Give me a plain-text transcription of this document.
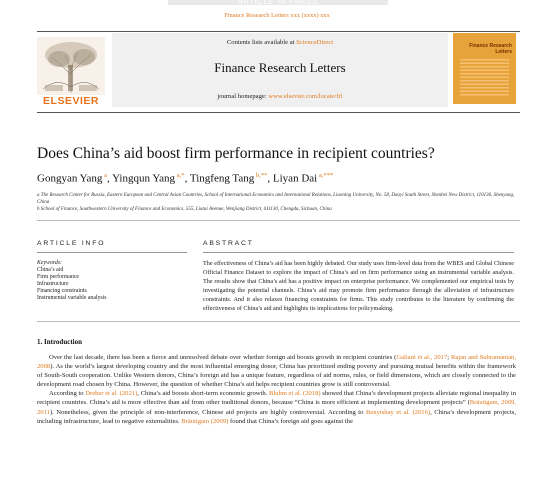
ARTICLE IN PRESS
Finance Research Letters xxx (xxxx) xxx
ELSEVIER
Contents lists available at ScienceDirect
Finance Research Letters
journal homepage: www.elsevier.com/locate/frl
Finance Research
Letters
Does China’s aid boost firm performance in recipient countries?
Gongyan Yang $^a$, Yingqun Yang $^{a,*}$, Tingfeng Tang $^{b,**}$, Liyan Dai $^{a,***}$
a The Research Center for Russia, Eastern European and Central Asian Countries, School of International Economics and International Relations, Liaoning University, No. 58, Daoyi South Street, Shenbei New District, 110136, Shenyang, China
b School of Finance, Southwestern University of Finance and Economics, 555, Liutai Avenue, Wenjiang District, 611130, Chengdu, Sichuan, China
ARTICLE INFO	ABSTRACT
Keywords:
China’s aid
Firm performance
Infrastructure
Financing constraints
Instrumental variable analysis
The effectiveness of China’s aid has been highly debated. Our study uses firm-level data from the WBES and Global Chinese Official Finance Dataset to explore the impact of China’s aid on firm performance using an instrumental variable analysis. The results show that China’s aid has a positive impact on enterprise performance. We complemented our empirical tests by investigating the potential channels. China’s aid may promote firm performance through the alleviation of infrastructure constraints. And it also relaxes financing constraints for firms. This study contributes to the literature by confirming the effectiveness of China’s aid and highlights its implications for policymaking.
1. Introduction

Over the last decade, there has been a fierce and unresolved debate over whether foreign aid boosts growth in recipient countries (Galiani et al., 2017; Rajan and Subramanian, 2008). As the world’s largest developing country and the most influential emerging donor, China has prioritized ending poverty and pursuing mutual benefits within the framework of South-South cooperation. Unlike Western donors, China’s foreign aid has a unique feature, regardless of aid norms, rules, or field dimensions, which are closely connected to the development road chosen by China. However, the question of whether China’s aid helps recipient countries grow is still controversial.

According to Dreher et al. (2021), China’s aid boosts short-term economic growth. Bluhm et al. (2018) showed that China’s development projects alleviate regional inequality in recipient countries. China’s aid is more effective than aid from other traditional donors, because “China is more efficient at implementing development projects” (Bräutigam, 2009, 2011). Nonetheless, given the principle of non-interference, Chinese aid projects are highly controversial. According to Benyishay et al. (2016), China’s development projects, including infrastructure, lead to negative externalities. Bräutigam (2009) found that China’s foreign aid goes against the
